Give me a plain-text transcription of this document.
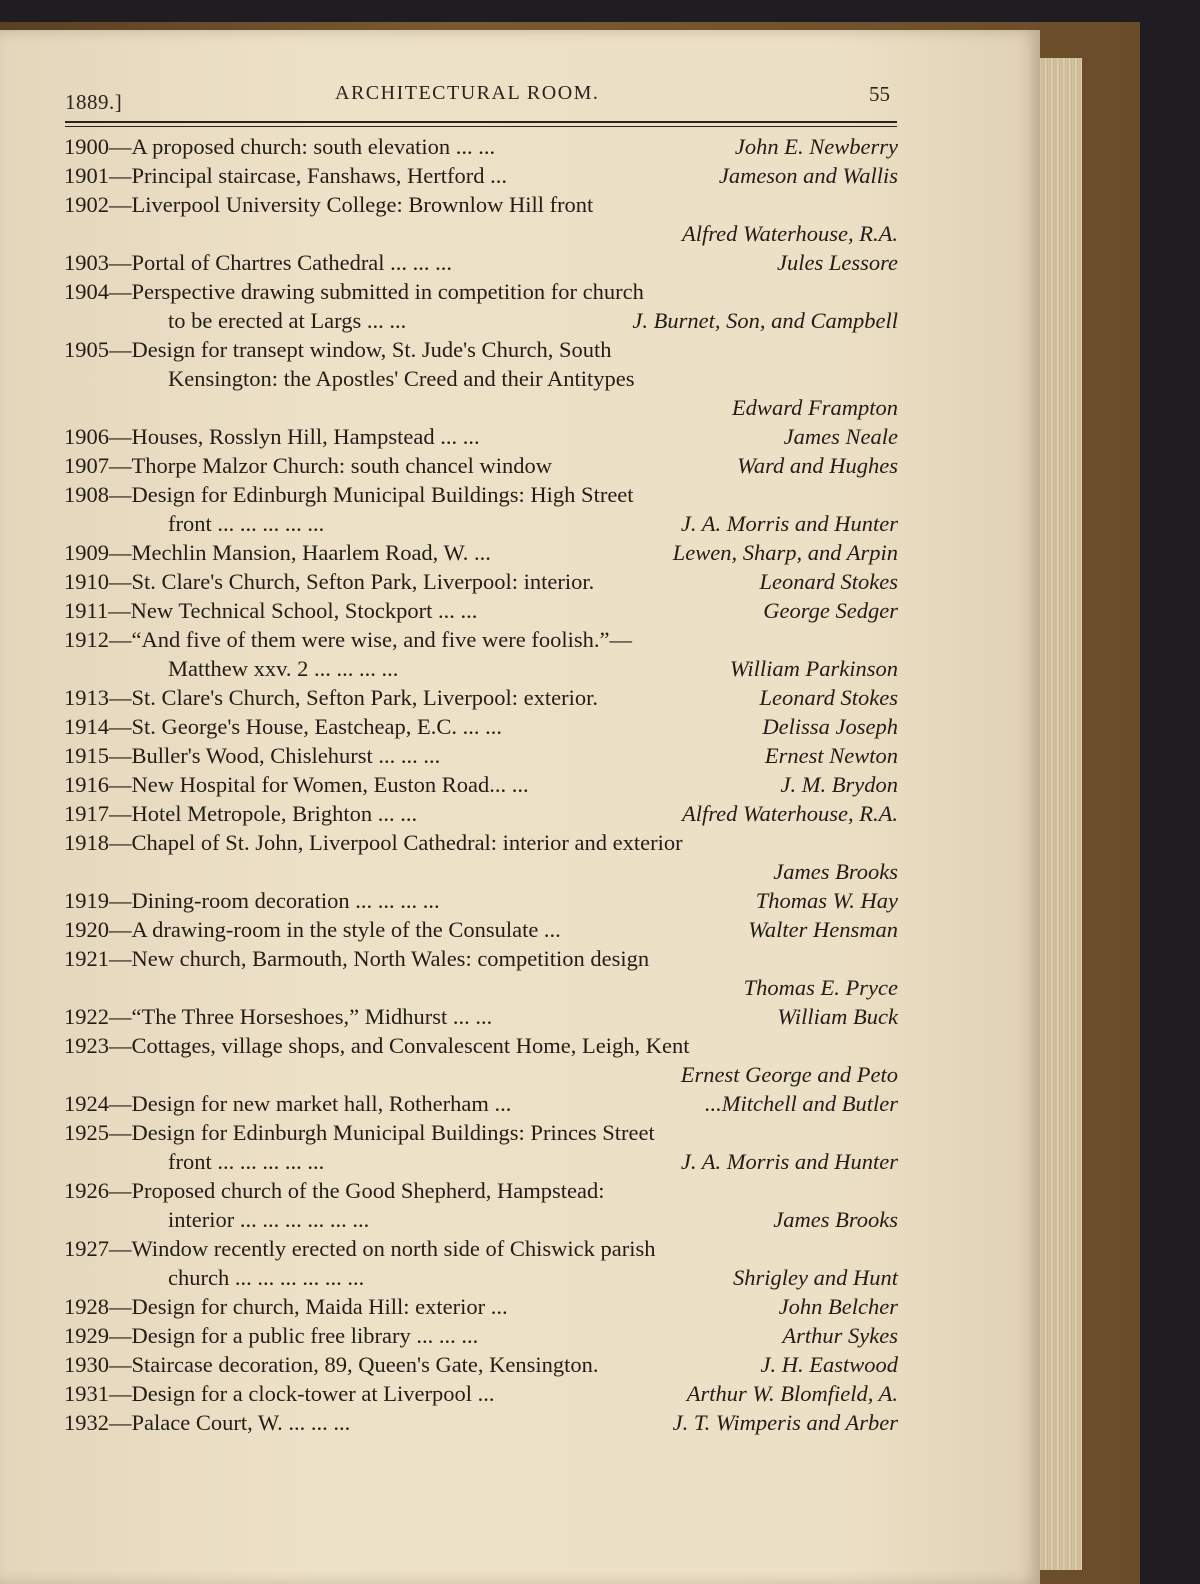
1889.]	ARCHITECTURAL ROOM.	55
1900—A proposed church: south elevation ... ...	John E. Newberry
1901—Principal staircase, Fanshaws, Hertford ...	Jameson and Wallis
1902—Liverpool University College: Brownlow Hill front
Alfred Waterhouse, R.A.
1903—Portal of Chartres Cathedral ... ... ...	Jules Lessore
1904—Perspective drawing submitted in competition for church
to be erected at Largs ... ...	J. Burnet, Son, and Campbell
1905—Design for transept window, St. Jude's Church, South
Kensington: the Apostles' Creed and their Antitypes
Edward Frampton
1906—Houses, Rosslyn Hill, Hampstead ... ...	James Neale
1907—Thorpe Malzor Church: south chancel window	Ward and Hughes
1908—Design for Edinburgh Municipal Buildings: High Street
front ... ... ... ... ...	J. A. Morris and Hunter
1909—Mechlin Mansion, Haarlem Road, W. ...	Lewen, Sharp, and Arpin
1910—St. Clare's Church, Sefton Park, Liverpool: interior.	Leonard Stokes
1911—New Technical School, Stockport ... ...	George Sedger
1912—“And five of them were wise, and five were foolish.”—
Matthew xxv. 2 ... ... ... ...	William Parkinson
1913—St. Clare's Church, Sefton Park, Liverpool: exterior.	Leonard Stokes
1914—St. George's House, Eastcheap, E.C. ... ...	Delissa Joseph
1915—Buller's Wood, Chislehurst ... ... ...	Ernest Newton
1916—New Hospital for Women, Euston Road... ...	J. M. Brydon
1917—Hotel Metropole, Brighton ... ...	Alfred Waterhouse, R.A.
1918—Chapel of St. John, Liverpool Cathedral: interior and exterior
James Brooks
1919—Dining-room decoration ... ... ... ...	Thomas W. Hay
1920—A drawing-room in the style of the Consulate ...	Walter Hensman
1921—New church, Barmouth, North Wales: competition design
Thomas E. Pryce
1922—“The Three Horseshoes,” Midhurst ... ...	William Buck
1923—Cottages, village shops, and Convalescent Home, Leigh, Kent
Ernest George and Peto
1924—Design for new market hall, Rotherham ...	...Mitchell and Butler
1925—Design for Edinburgh Municipal Buildings: Princes Street
front ... ... ... ... ...	J. A. Morris and Hunter
1926—Proposed church of the Good Shepherd, Hampstead:
interior ... ... ... ... ... ...	James Brooks
1927—Window recently erected on north side of Chiswick parish
church ... ... ... ... ... ...	Shrigley and Hunt
1928—Design for church, Maida Hill: exterior ...	John Belcher
1929—Design for a public free library ... ... ...	Arthur Sykes
1930—Staircase decoration, 89, Queen's Gate, Kensington.	J. H. Eastwood
1931—Design for a clock-tower at Liverpool ...	Arthur W. Blomfield, A.
1932—Palace Court, W. ... ... ...	J. T. Wimperis and Arber
